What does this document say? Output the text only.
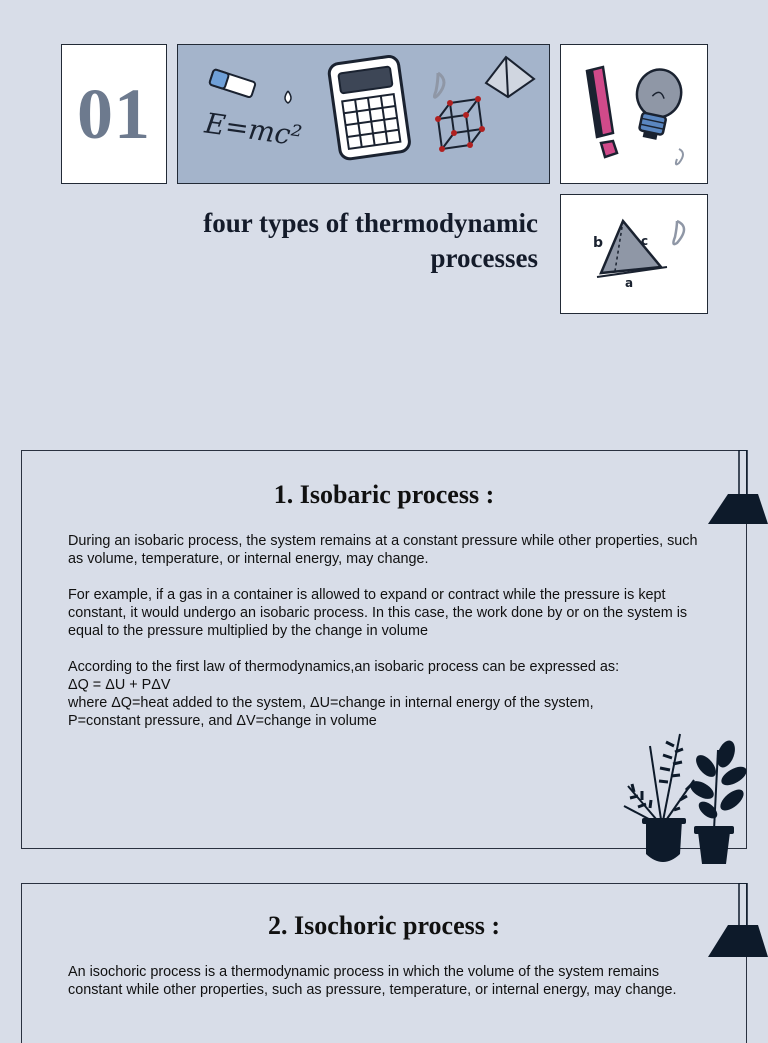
01 E=mc²
b	c
a
four types of thermodynamic processes
1. Isobaric process :

During an isobaric process, the system remains at a constant pressure while other properties, such as volume, temperature, or internal energy, may change.

For example, if a gas in a container is allowed to expand or contract while the pressure is kept constant, it would undergo an isobaric process. In this case, the work done by or on the system is equal to the pressure multiplied by the change in volume

According to the first law of thermodynamics,an isobaric process can be expressed as:
ΔQ = ΔU + PΔV
where ΔQ=heat added to the system, ΔU=change in internal energy of the system,
P=constant pressure, and ΔV=change in volume
2. Isochoric process :

An isochoric process is a thermodynamic process in which the volume of the system remains constant while other properties, such as pressure, temperature, or internal energy, may change.
